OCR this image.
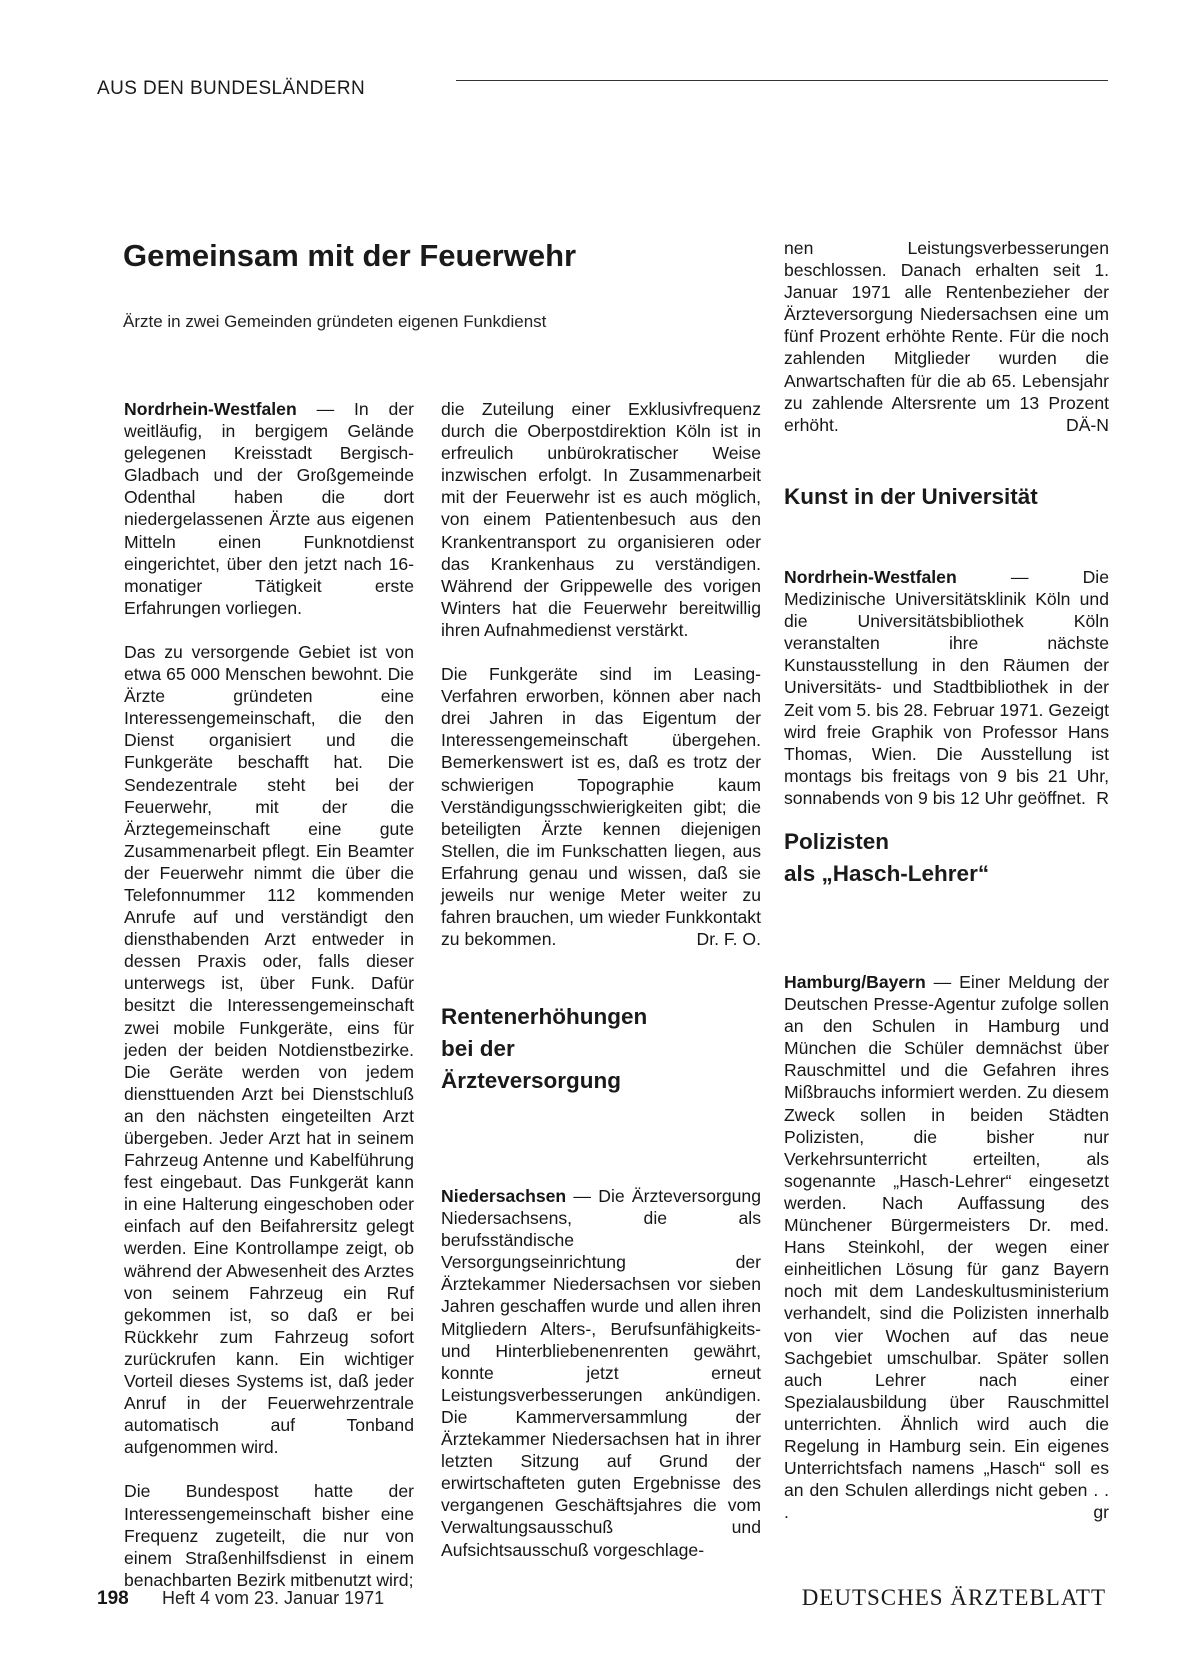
AUS DEN BUNDESLÄNDERN
Gemeinsam mit der Feuerwehr
Ärzte in zwei Gemeinden gründeten eigenen Funkdienst

Nordrhein-Westfalen — In der weitläufig, in bergigem Gelände gelegenen Kreisstadt Bergisch-Gladbach und der Großgemeinde Odenthal haben die dort niedergelassenen Ärzte aus eigenen Mitteln einen Funknotdienst eingerichtet, über den jetzt nach 16-monatiger Tätigkeit erste Erfahrungen vorliegen.

Das zu versorgende Gebiet ist von etwa 65 000 Menschen bewohnt. Die Ärzte gründeten eine Interessengemeinschaft, die den Dienst organisiert und die Funkgeräte beschafft hat. Die Sendezentrale steht bei der Feuerwehr, mit der die Ärztegemeinschaft eine gute Zusammenarbeit pflegt. Ein Beamter der Feuerwehr nimmt die über die Telefonnummer 112 kommenden Anrufe auf und verständigt den diensthabenden Arzt entweder in dessen Praxis oder, falls dieser unterwegs ist, über Funk. Dafür besitzt die Interessengemeinschaft zwei mobile Funkgeräte, eins für jeden der beiden Notdienstbezirke. Die Geräte werden von jedem diensttuenden Arzt bei Dienstschluß an den nächsten eingeteilten Arzt übergeben. Jeder Arzt hat in seinem Fahrzeug Antenne und Kabelführung fest eingebaut. Das Funkgerät kann in eine Halterung eingeschoben oder einfach auf den Beifahrersitz gelegt werden. Eine Kontrollampe zeigt, ob während der Abwesenheit des Arztes von seinem Fahrzeug ein Ruf gekommen ist, so daß er bei Rückkehr zum Fahrzeug sofort zurückrufen kann. Ein wichtiger Vorteil dieses Systems ist, daß jeder Anruf in der Feuerwehrzentrale automatisch auf Tonband aufgenommen wird.

Die Bundespost hatte der Interessengemeinschaft bisher eine Frequenz zugeteilt, die nur von einem Straßenhilfsdienst in einem benachbarten Bezirk mitbenutzt wird;

die Zuteilung einer Exklusivfrequenz durch die Oberpostdirektion Köln ist in erfreulich unbürokratischer Weise inzwischen erfolgt. In Zusammenarbeit mit der Feuerwehr ist es auch möglich, von einem Patientenbesuch aus den Krankentransport zu organisieren oder das Krankenhaus zu verständigen. Während der Grippewelle des vorigen Winters hat die Feuerwehr bereitwillig ihren Aufnahmedienst verstärkt.

Die Funkgeräte sind im Leasing-Verfahren erworben, können aber nach drei Jahren in das Eigentum der Interessengemeinschaft übergehen. Bemerkenswert ist es, daß es trotz der schwierigen Topographie kaum Verständigungsschwierigkeiten gibt; die beteiligten Ärzte kennen diejenigen Stellen, die im Funkschatten liegen, aus Erfahrung genau und wissen, daß sie jeweils nur wenige Meter weiter zu fahren brauchen, um wieder Funkkontakt zu bekommen.	Dr. F. O.

Rentenerhöhungen
bei der
Ärzteversorgung

Niedersachsen — Die Ärzteversorgung Niedersachsens, die als berufsständische Versorgungseinrichtung der Ärztekammer Niedersachsen vor sieben Jahren geschaffen wurde und allen ihren Mitgliedern Alters-, Berufsunfähigkeits- und Hinterbliebenenrenten gewährt, konnte jetzt erneut Leistungsverbesserungen ankündigen. Die Kammerversammlung der Ärztekammer Niedersachsen hat in ihrer letzten Sitzung auf Grund der erwirtschafteten guten Ergebnisse des vergangenen Geschäftsjahres die vom Verwaltungsausschuß und Aufsichtsausschuß vorgeschlage-

nen Leistungsverbesserungen beschlossen. Danach erhalten seit 1. Januar 1971 alle Rentenbezieher der Ärzteversorgung Niedersachsen eine um fünf Prozent erhöhte Rente. Für die noch zahlenden Mitglieder wurden die Anwartschaften für die ab 65. Lebensjahr zu zahlende Altersrente um 13 Prozent erhöht.	DÄ-N

Kunst in der Universität

Nordrhein-Westfalen — Die Medizinische Universitätsklinik Köln und die Universitätsbibliothek Köln veranstalten ihre nächste Kunstausstellung in den Räumen der Universitäts- und Stadtbibliothek in der Zeit vom 5. bis 28. Februar 1971. Gezeigt wird freie Graphik von Professor Hans Thomas, Wien. Die Ausstellung ist montags bis freitags von 9 bis 21 Uhr, sonnabends von 9 bis 12 Uhr geöffnet. R

Polizisten
als „Hasch-Lehrer“

Hamburg/Bayern — Einer Meldung der Deutschen Presse-Agentur zufolge sollen an den Schulen in Hamburg und München die Schüler demnächst über Rauschmittel und die Gefahren ihres Mißbrauchs informiert werden. Zu diesem Zweck sollen in beiden Städten Polizisten, die bisher nur Verkehrsunterricht erteilten, als sogenannte „Hasch-Lehrer“ eingesetzt werden. Nach Auffassung des Münchener Bürgermeisters Dr. med. Hans Steinkohl, der wegen einer einheitlichen Lösung für ganz Bayern noch mit dem Landeskultusministerium verhandelt, sind die Polizisten innerhalb von vier Wochen auf das neue Sachgebiet umschulbar. Später sollen auch Lehrer nach einer Spezialausbildung über Rauschmittel unterrichten. Ähnlich wird auch die Regelung in Hamburg sein. Ein eigenes Unterrichtsfach namens „Hasch“ soll es an den Schulen allerdings nicht geben . . .	gr

198 Heft 4 vom 23. Januar 1971	DEUTSCHES ÄRZTEBLATT
